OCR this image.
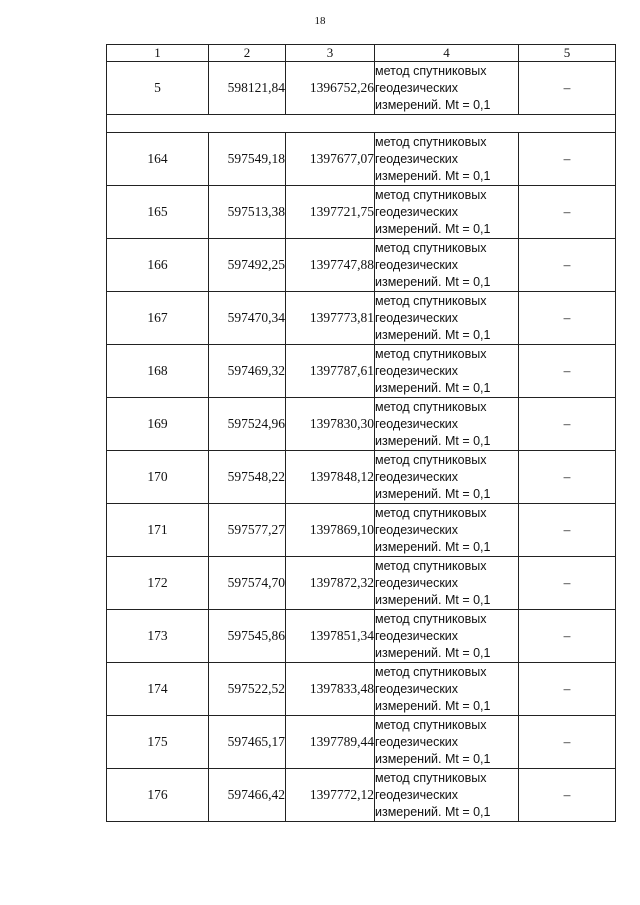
18
1	2	3	4	5
5	598121,84	1396752,26	метод спутниковых
геодезических
измерений. Mt = 0,1	–

164	597549,18	1397677,07	метод спутниковых
геодезических
измерений. Mt = 0,1	–
165	597513,38	1397721,75	метод спутниковых
геодезических
измерений. Mt = 0,1	–
166	597492,25	1397747,88	метод спутниковых
геодезических
измерений. Mt = 0,1	–
167	597470,34	1397773,81	метод спутниковых
геодезических
измерений. Mt = 0,1	–
168	597469,32	1397787,61	метод спутниковых
геодезических
измерений. Mt = 0,1	–
169	597524,96	1397830,30	метод спутниковых
геодезических
измерений. Mt = 0,1	–
170	597548,22	1397848,12	метод спутниковых
геодезических
измерений. Mt = 0,1	–
171	597577,27	1397869,10	метод спутниковых
геодезических
измерений. Mt = 0,1	–
172	597574,70	1397872,32	метод спутниковых
геодезических
измерений. Mt = 0,1	–
173	597545,86	1397851,34	метод спутниковых
геодезических
измерений. Mt = 0,1	–
174	597522,52	1397833,48	метод спутниковых
геодезических
измерений. Mt = 0,1	–
175	597465,17	1397789,44	метод спутниковых
геодезических
измерений. Mt = 0,1	–
176	597466,42	1397772,12	метод спутниковых
геодезических
измерений. Mt = 0,1	–
